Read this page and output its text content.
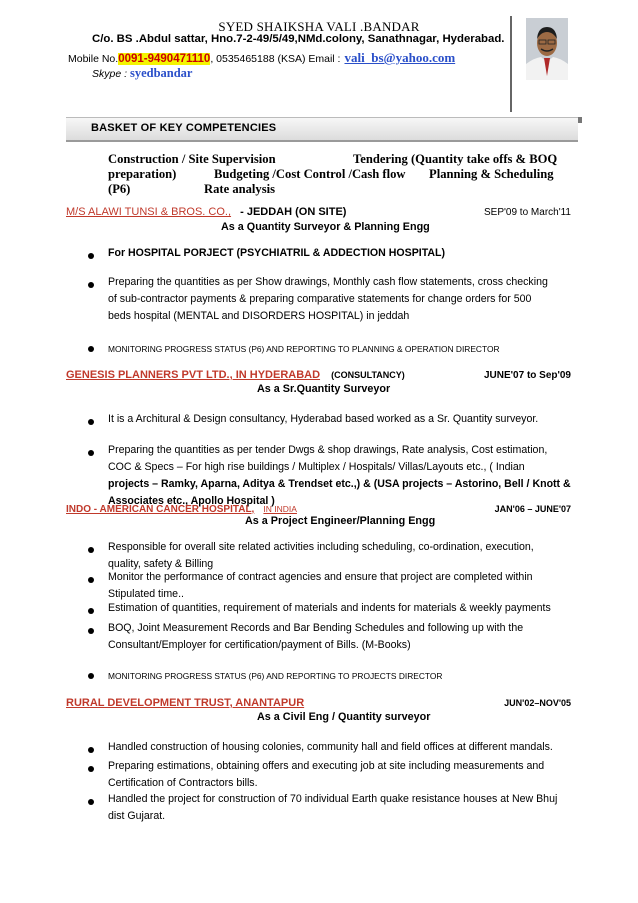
SYED SHAIKSHA VALI .BANDAR
C/o. BS .Abdul sattar, Hno.7-2-49/5/49,NMd.colony, Sanathnagar, Hyderabad.
Mobile No.0091-9490471110, 0535465188 (KSA) Email : vali_bs@yahoo.com
Skype : syedbandar
BASKET OF KEY COMPETENCIES
Construction / Site Supervision	Tendering (Quantity take offs & BOQ
preparation)	Budgeting /Cost Control /Cash flow Planning & Scheduling
(P6)	Rate analysis
M/S ALAWI TUNSI & BROS. CO., - JEDDAH (ON SITE)	SEP'09 to March'11
As a Quantity Surveyor & Planning Engg
For HOSPITAL PORJECT (PSYCHIATRIL & ADDECTION HOSPITAL)
Preparing the quantities as per Show drawings, Monthly cash flow statements, cross checking
of sub-contractor payments & preparing comparative statements for change orders for 500
beds hospital (MENTAL and DISORDERS HOSPITAL) in jeddah
MONITORING PROGRESS STATUS (P6) AND REPORTING TO PLANNING & OPERATION DIRECTOR
GENESIS PLANNERS PVT LTD., IN HYDERABAD (CONSULTANCY)	JUNE'07 to Sep'09
As a Sr.Quantity Surveyor
It is a Architural & Design consultancy, Hyderabad based worked as a Sr. Quantity surveyor.
Preparing the quantities as per tender Dwgs & shop drawings, Rate analysis, Cost estimation,
COC & Specs – For high rise buildings / Multiplex / Hospitals/ Villas/Layouts etc., ( Indian
projects – Ramky, Aparna, Aditya & Trendset etc.,) & (USA projects – Astorino, Bell / Knott &
Associates etc., Apollo Hospital )
INDO - AMERICAN CANCER HOSPITAL, IN INDIA	JAN'06 – JUNE'07
As a Project Engineer/Planning Engg
Responsible for overall site related activities including scheduling, co-ordination, execution,
quality, safety & Billing
Monitor the performance of contract agencies and ensure that project are completed within
Stipulated time..
Estimation of quantities, requirement of materials and indents for materials & weekly payments
BOQ, Joint Measurement Records and Bar Bending Schedules and following up with the
Consultant/Employer for certification/payment of Bills. (M-Books)
MONITORING PROGRESS STATUS (P6) AND REPORTING TO PROJECTS DIRECTOR
RURAL DEVELOPMENT TRUST, ANANTAPUR	JUN'02–NOV'05
As a Civil Eng / Quantity surveyor
Handled construction of housing colonies, community hall and field offices at different mandals.
Preparing estimations, obtaining offers and executing job at site including measurements and
Certification of Contractors bills.
Handled the project for construction of 70 individual Earth quake resistance houses at New Bhuj
dist Gujarat.
